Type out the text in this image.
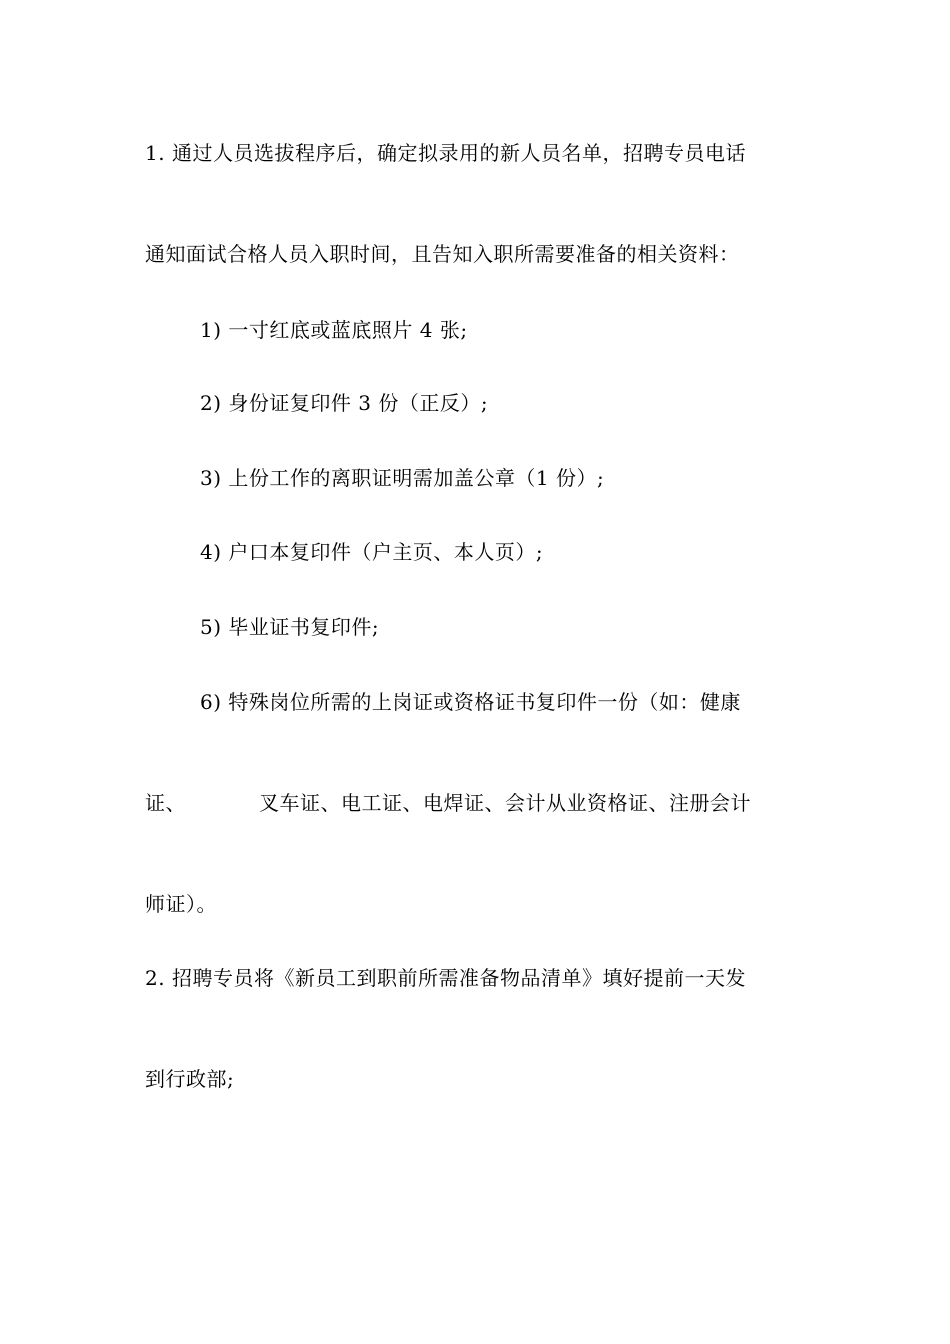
1. 通过人员选拔程序后，确定拟录用的新人员名单，招聘专员电话
通知面试合格人员入职时间，且告知入职所需要准备的相关资料：
1) 一寸红底或蓝底照片 4 张;
2) 身份证复印件 3 份（正反）;
3) 上份工作的离职证明需加盖公章（1 份）;
4) 户口本复印件（户主页、本人页）;
5) 毕业证书复印件;
6) 特殊岗位所需的上岗证或资格证书复印件一份（如：健康
证、	叉车证、电工证、电焊证、会计从业资格证、注册会计
师证）。
2. 招聘专员将《新员工到职前所需准备物品清单》填好提前一天发
到行政部;
